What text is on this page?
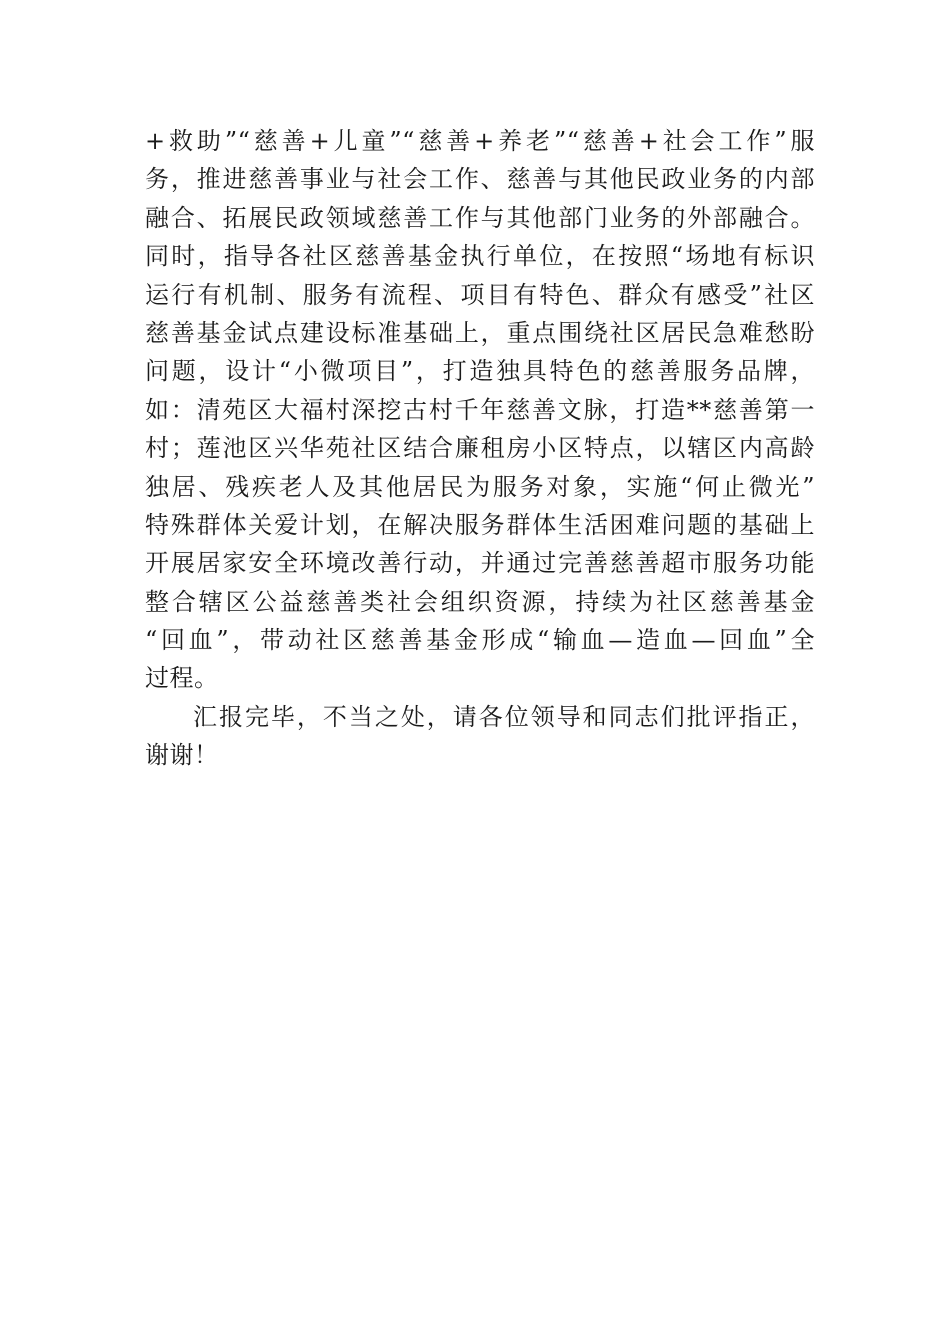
+救助”“慈善+儿童”“慈善+养老”“慈善+社会工作”服
务，推进慈善事业与社会工作、慈善与其他民政业务的内部
融合、拓展民政领域慈善工作与其他部门业务的外部融合。
同时，指导各社区慈善基金执行单位，在按照“场地有标识
运行有机制、服务有流程、项目有特色、群众有感受”社区
慈善基金试点建设标准基础上，重点围绕社区居民急难愁盼
问题，设计“小微项目”，打造独具特色的慈善服务品牌，
如：清苑区大福村深挖古村千年慈善文脉，打造**慈善第一
村；莲池区兴华苑社区结合廉租房小区特点，以辖区内高龄
独居、残疾老人及其他居民为服务对象，实施“何止微光”
特殊群体关爱计划，在解决服务群体生活困难问题的基础上
开展居家安全环境改善行动，并通过完善慈善超市服务功能
整合辖区公益慈善类社会组织资源，持续为社区慈善基金
“回血”，带动社区慈善基金形成“输血—造血—回血”全
过程。
汇报完毕，不当之处，请各位领导和同志们批评指正，
谢谢！
